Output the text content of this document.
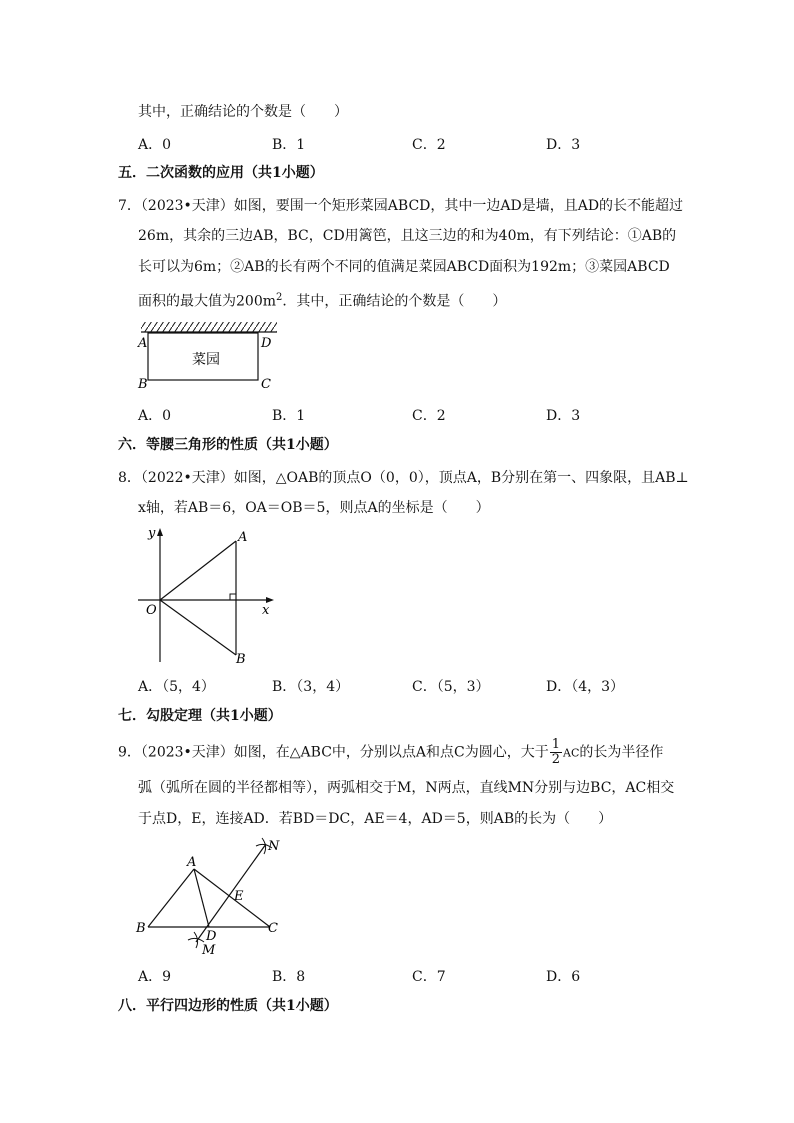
其中，正确结论的个数是（　　）
A．0	B．1	C．2	D．3
五．二次函数的应用（共1小题）
7．（2023•天津）如图，要围一个矩形菜园ABCD，其中一边AD是墙，且AD的长不能超过
26m，其余的三边AB，BC，CD用篱笆，且这三边的和为40m，有下列结论：①AB的
长可以为6m；②AB的长有两个不同的值满足菜园ABCD面积为192m；③菜园ABCD
面积的最大值为$200m^2$．其中，正确结论的个数是（　　）
A
B	C
D
菜园
A．0	B．1	C．2	D．3
六．等腰三角形的性质（共1小题）
8．（2022•天津）如图，△OAB的顶点O（0，0），顶点A，B分别在第一、四象限，且AB⊥
x轴，若AB＝6，OA＝OB＝5，则点A的坐标是（　　）
y
x
O
A
B
A．（5，4）	B．（3，4）	C．（5，3）	D．（4，3）
七．勾股定理（共1小题）
9．（2023•天津）如图，在△ABC中，分别以点A和点C为圆心，大于 $\frac{1}{2}$ AC的长为半径作
弧（弧所在圆的半径都相等），两弧相交于M，N两点，直线MN分别与边BC，AC相交
于点D，E，连接AD．若BD＝DC，AE＝4，AD＝5，则AB的长为（　　）
A
B	C
D
E
M
N
A．9	B．8	C．7	D．6
八．平行四边形的性质（共1小题）
